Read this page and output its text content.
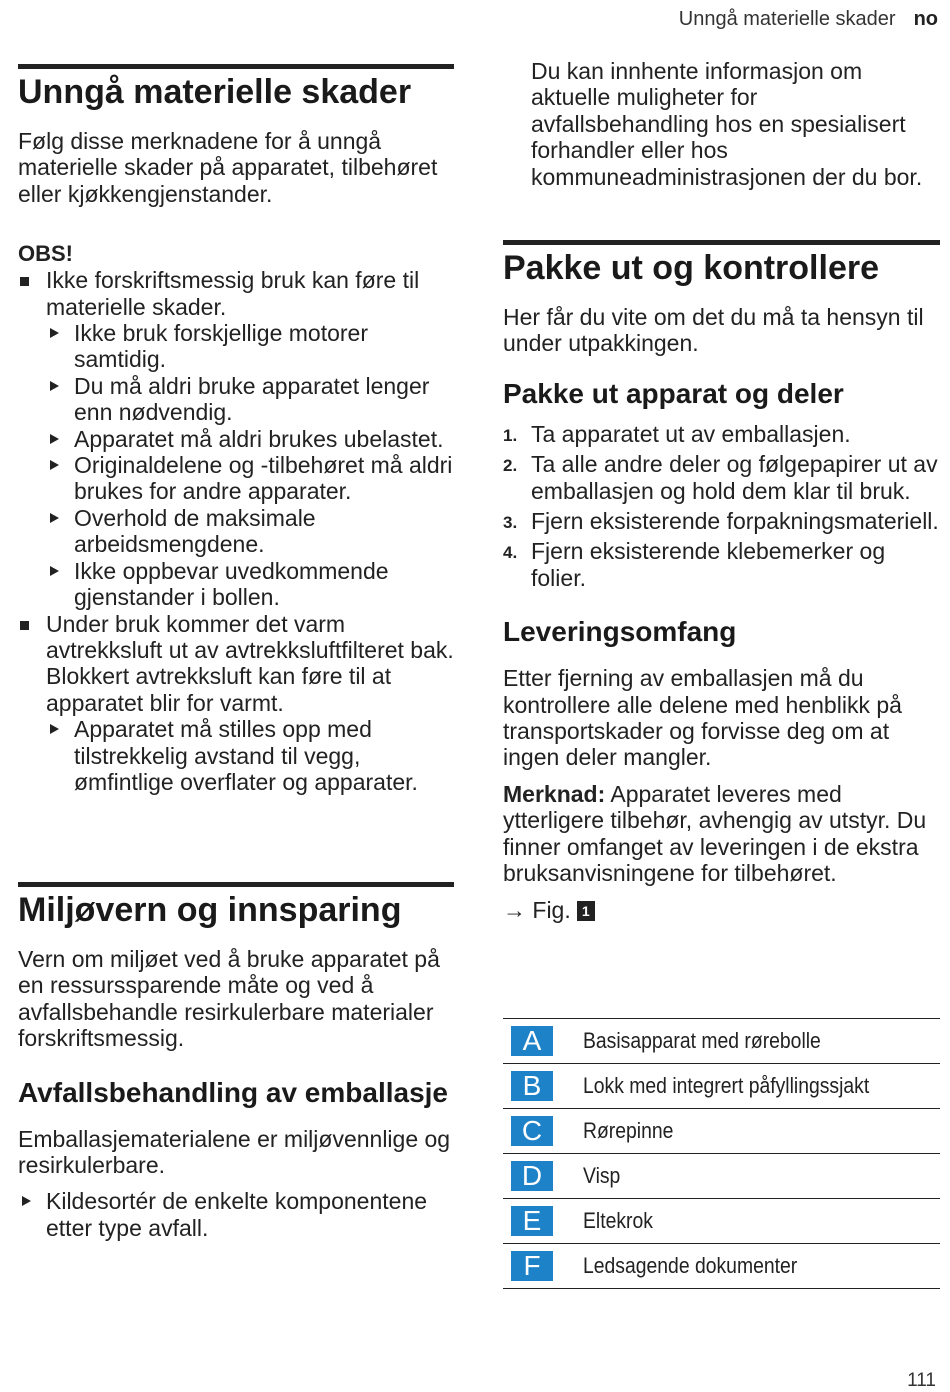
Unngå materielle skader no
Unngå materielle skader

Følg disse merknadene for å unngå materielle skader på apparatet, tilbehøret eller kjøkkengjenstander.

OBS!
Ikke forskriftsmessig bruk kan føre til materielle skader.
Ikke bruk forskjellige motorer samtidig.
Du må aldri bruke apparatet lenger enn nødvendig.
Apparatet må aldri brukes ubelastet.
Originaldelene og -tilbehøret må aldri brukes for andre apparater.
Overhold de maksimale arbeidsmengdene.
Ikke oppbevar uvedkommende gjenstander i bollen.
Under bruk kommer det varm avtrekksluft ut av avtrekksluftfilteret bak. Blokkert avtrekksluft kan føre til at apparatet blir for varmt.
Apparatet må stilles opp med tilstrekkelig avstand til vegg, ømfintlige overflater og apparater.
Miljøvern og innsparing

Vern om miljøet ved å bruke apparatet på en ressurssparende måte og ved å avfallsbehandle resirkulerbare materialer forskriftsmessig.

Avfallsbehandling av emballasje

Emballasjematerialene er miljøvennlige og resirkulerbare.

Kildesortér de enkelte komponentene etter type avfall.

Du kan innhente informasjon om aktuelle muligheter for avfallsbehandling hos en spesialisert forhandler eller hos kommuneadministrasjonen der du bor.

Pakke ut og kontrollere

Her får du vite om det du må ta hensyn til under utpakkingen.

Pakke ut apparat og deler
1. Ta apparatet ut av emballasjen.
2. Ta alle andre deler og følgepapirer ut av emballasjen og hold dem klar til bruk.
3. Fjern eksisterende forpakningsmateriell.
4. Fjern eksisterende klebemerker og folier.
Leveringsomfang

Etter fjerning av emballasjen må du kontrollere alle delene med henblikk på transportskader og forvisse deg om at ingen deler mangler.

Merknad: Apparatet leveres med ytterligere tilbehør, avhengig av utstyr. Du finner omfanget av leveringen i de ekstra bruksanvisningene for tilbehøret.

→ Fig. 1
A	Basisapparat med rørebolle
B	Lokk med integrert påfyllingssjakt
C	Rørepinne
D	Visp
E	Eltekrok
F	Ledsagende dokumenter
111
